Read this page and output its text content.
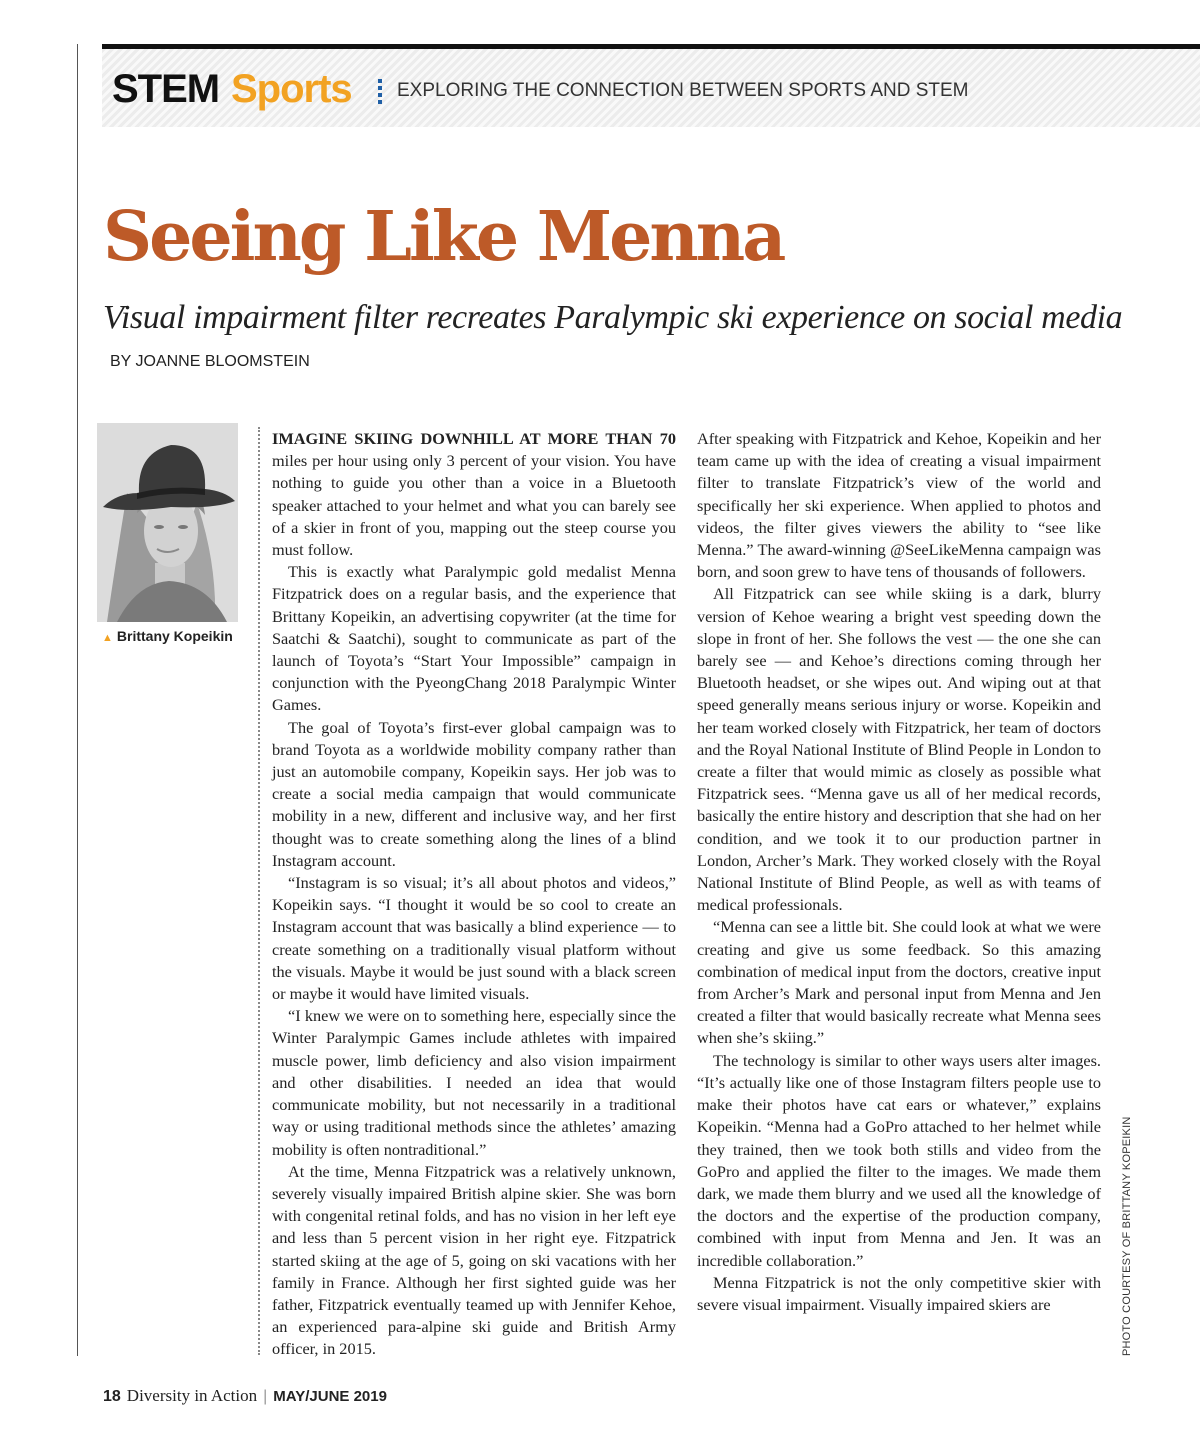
STEM Sports EXPLORING THE CONNECTION BETWEEN SPORTS AND STEM
Seeing Like Menna
Visual impairment filter recreates Paralympic ski experience on social media
BY JOANNE BLOOMSTEIN
▲ Brittany Kopeikin

IMAGINE SKIING DOWNHILL AT MORE THAN 70 miles per hour using only 3 percent of your vision. You have nothing to guide you other than a voice in a Bluetooth speaker attached to your helmet and what you can barely see of a skier in front of you, mapping out the steep course you must follow.

This is exactly what Paralympic gold medalist Menna Fitzpatrick does on a regular basis, and the experience that Brittany Kopeikin, an advertising copywriter (at the time for Saatchi & Saatchi), sought to communicate as part of the launch of Toyota’s “Start Your Impossible” campaign in conjunction with the PyeongChang 2018 Paralympic Winter Games.

The goal of Toyota’s first-ever global campaign was to brand Toyota as a worldwide mobility company rather than just an automobile company, Kopeikin says. Her job was to create a social media campaign that would communicate mobility in a new, different and inclusive way, and her first thought was to create something along the lines of a blind Instagram account.

“Instagram is so visual; it’s all about photos and videos,” Kopeikin says. “I thought it would be so cool to create an Instagram account that was basically a blind experience — to create something on a traditionally visual platform without the visuals. Maybe it would be just sound with a black screen or maybe it would have limited visuals.

“I knew we were on to something here, especially since the Winter Paralympic Games include athletes with impaired muscle power, limb deficiency and also vision impairment and other disabilities. I needed an idea that would communicate mobility, but not necessarily in a traditional way or using traditional methods since the athletes’ amazing mobility is often nontraditional.”

At the time, Menna Fitzpatrick was a relatively unknown, severely visually impaired British alpine skier. She was born with congenital retinal folds, and has no vision in her left eye and less than 5 percent vision in her right eye. Fitzpatrick started skiing at the age of 5, going on ski vacations with her family in France. Although her first sighted guide was her father, Fitzpatrick eventually teamed up with Jennifer Kehoe, an experienced para-alpine ski guide and British Army officer, in 2015.

After speaking with Fitzpatrick and Kehoe, Kopeikin and her team came up with the idea of creating a visual impairment filter to translate Fitzpatrick’s view of the world and specifically her ski experience. When applied to photos and videos, the filter gives viewers the ability to “see like Menna.” The award-winning @SeeLikeMenna campaign was born, and soon grew to have tens of thousands of followers.

All Fitzpatrick can see while skiing is a dark, blurry version of Kehoe wearing a bright vest speeding down the slope in front of her. She follows the vest — the one she can barely see — and Kehoe’s directions coming through her Bluetooth headset, or she wipes out. And wiping out at that speed generally means serious injury or worse. Kopeikin and her team worked closely with Fitzpatrick, her team of doctors and the Royal National Institute of Blind People in London to create a filter that would mimic as closely as possible what Fitzpatrick sees. “Menna gave us all of her medical records, basically the entire history and description that she had on her condition, and we took it to our production partner in London, Archer’s Mark. They worked closely with the Royal National Institute of Blind People, as well as with teams of medical professionals.

“Menna can see a little bit. She could look at what we were creating and give us some feedback. So this amazing combination of medical input from the doctors, creative input from Archer’s Mark and personal input from Menna and Jen created a filter that would basically recreate what Menna sees when she’s skiing.”

The technology is similar to other ways users alter images. “It’s actually like one of those Instagram filters people use to make their photos have cat ears or whatever,” explains Kopeikin. “Menna had a GoPro attached to her helmet while they trained, then we took both stills and video from the GoPro and applied the filter to the images. We made them dark, we made them blurry and we used all the knowledge of the doctors and the expertise of the production company, combined with input from Menna and Jen. It was an incredible collaboration.”

Menna Fitzpatrick is not the only competitive skier with severe visual impairment. Visually impaired skiers are	PHOTO COURTESY OF BRITTANY KOPEIKIN
18 Diversity in Action | MAY/JUNE 2019
